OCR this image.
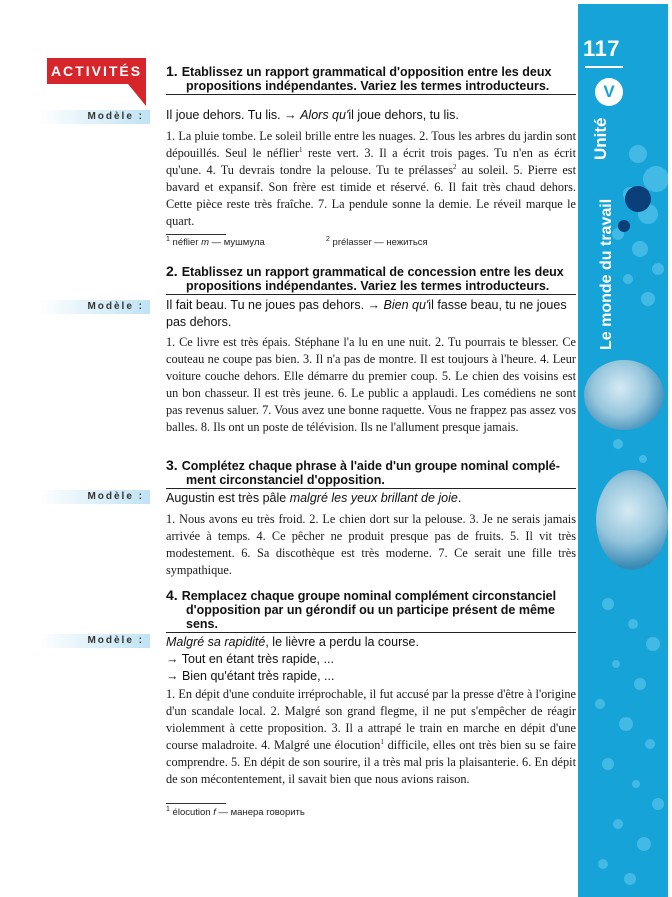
117
V
Unité
Le monde du travail
ACTIVITÉS
Modèle :
Modèle :
Modèle :
Modèle :
1. Etablissez un rapport grammatical d'opposition entre les deux
propositions indépendantes. Variez les termes introducteurs.
Il joue dehors. Tu lis. → Alors qu'il joue dehors, tu lis.
1. La pluie tombe. Le soleil brille entre les nuages. 2. Tous les arbres du jardin sont dépouillés. Seul le néflier$^1$ reste vert. 3. Il a écrit trois pages. Tu n'en as écrit qu'une. 4. Tu devrais tondre la pelouse. Tu te prélasses$^2$ au soleil. 5. Pierre est bavard et expansif. Son frère est timide et réservé. 6. Il fait très chaud dehors. Cette pièce reste très fraîche. 7. La pendule sonne la demie. Le réveil marque le quart.
$^1$ néflier m — мушмула	$^2$ prélasser — нежиться
2. Etablissez un rapport grammatical de concession entre les deux
propositions indépendantes. Variez les termes introducteurs.
Il fait beau. Tu ne joues pas dehors. → Bien qu'il fasse beau, tu ne joues pas dehors.
1. Ce livre est très épais. Stéphane l'a lu en une nuit. 2. Tu pourrais te blesser. Ce couteau ne coupe pas bien. 3. Il n'a pas de montre. Il est toujours à l'heure. 4. Leur voiture couche dehors. Elle démarre du premier coup. 5. Le chien des voisins est un bon chasseur. Il est très jeune. 6. Le public a applaudi. Les comédiens ne sont pas revenus saluer. 7. Vous avez une bonne raquette. Vous ne frappez pas assez vos balles. 8. Ils ont un poste de télévision. Ils ne l'allument presque jamais.
3. Complétez chaque phrase à l'aide d'un groupe nominal complé-
ment circonstanciel d'opposition.
Augustin est très pâle malgré les yeux brillant de joie.
1. Nous avons eu très froid. 2. Le chien dort sur la pelouse. 3. Je ne serais jamais arrivée à temps. 4. Ce pêcher ne produit presque pas de fruits. 5. Il vit très modestement. 6. Sa discothèque est très moderne. 7. Ce serait une fille très sympathique.
4. Remplacez chaque groupe nominal complément circonstanciel
d'opposition par un gérondif ou un participe présent de même
sens.
Malgré sa rapidité, le lièvre a perdu la course.
→ Tout en étant très rapide, ...
→ Bien qu'étant très rapide, ...
1. En dépit d'une conduite irréprochable, il fut accusé par la presse d'être à l'origine d'un scandale local. 2. Malgré son grand flegme, il ne put s'empêcher de réagir violemment à cette proposition. 3. Il a attrapé le train en marche en dépit d'une course maladroite. 4. Malgré une élocution$^1$ difficile, elles ont très bien su se faire comprendre. 5. En dépit de son sourire, il a très mal pris la plaisanterie. 6. En dépit de son mécontentement, il savait bien que nous avions raison.
$^1$ élocution f — манера говорить
